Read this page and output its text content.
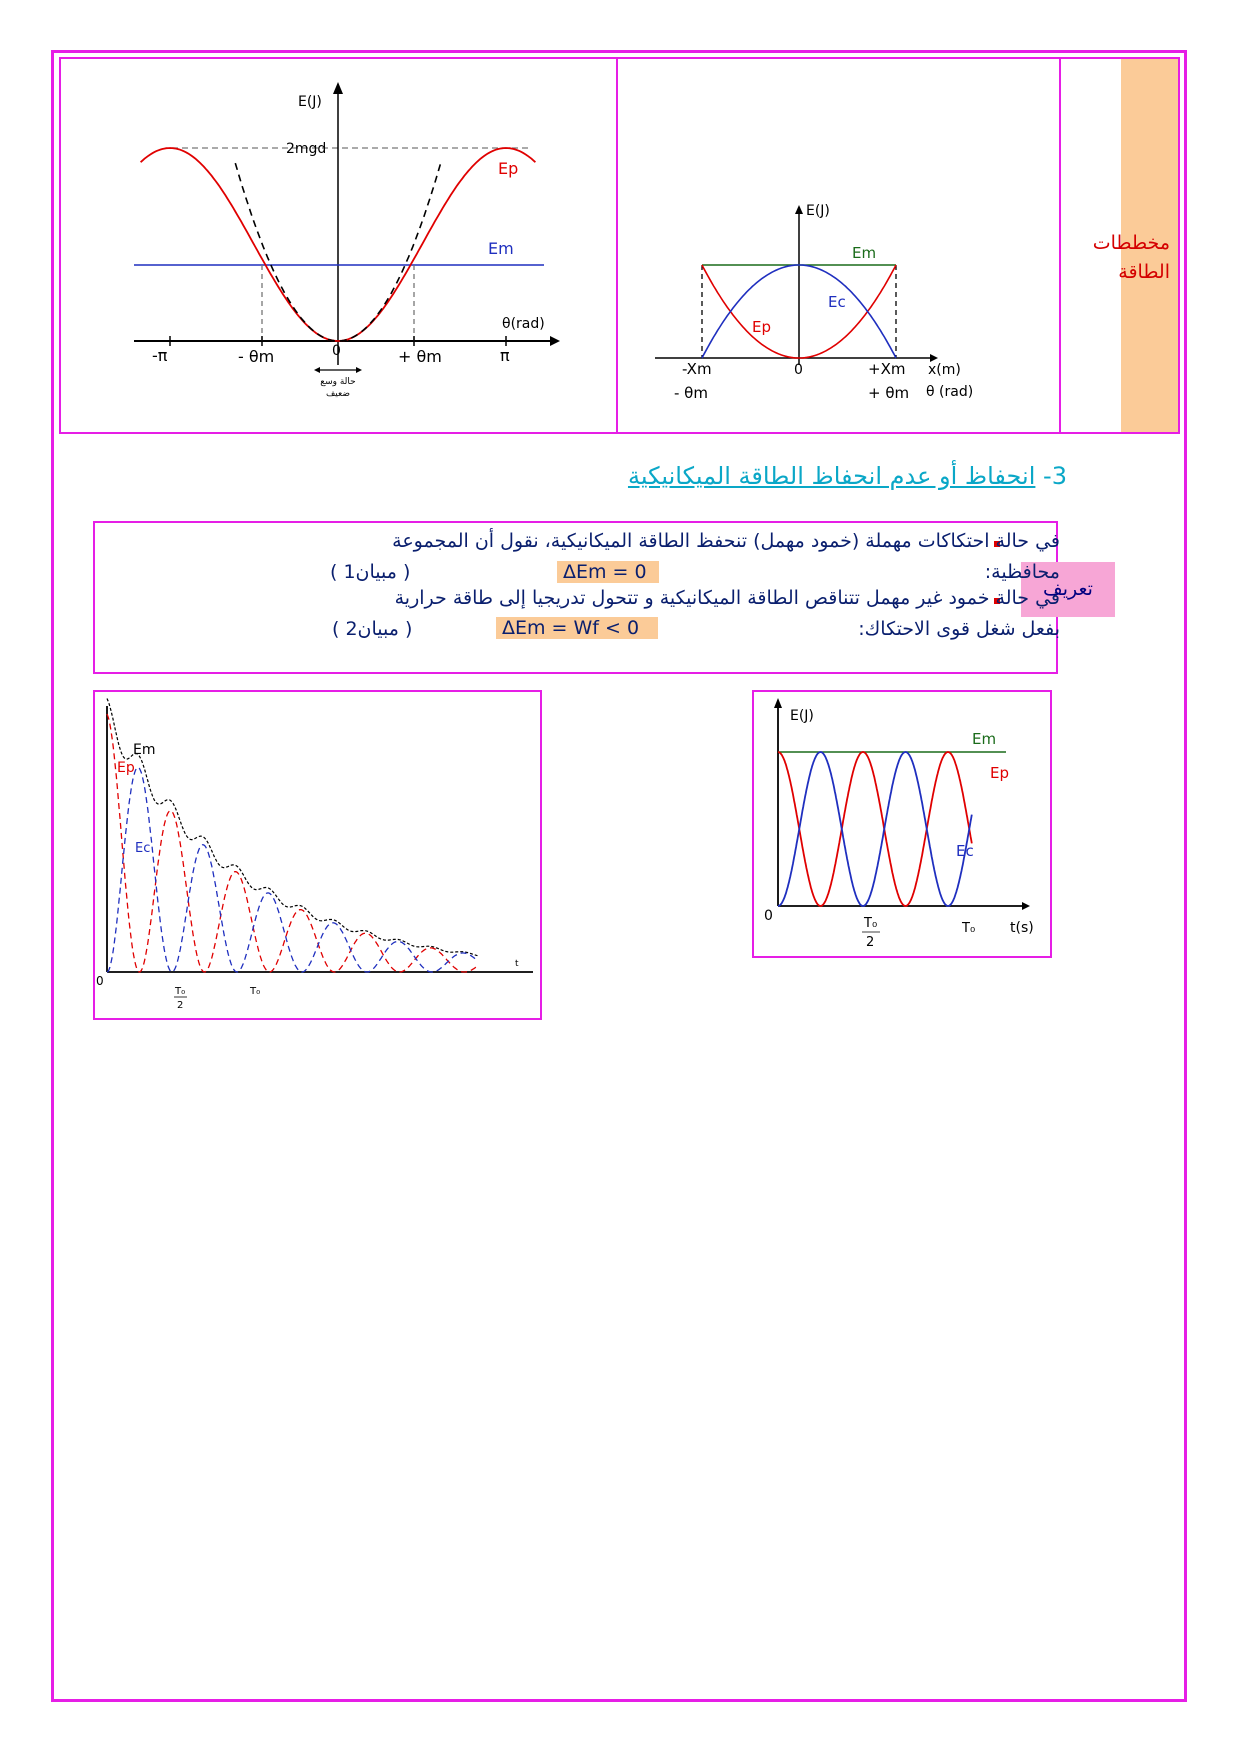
مخططات
الطاقة
E(J)
2mgd
Ep
Em
θ(rad)
-π	- θm	0	+ θm	π
حالة وسع
ضعيف
E(J)
Em
Ec
Ep
-Xm
- θm
0	+Xm
+ θm
x(m)
θ (rad)
3- انحفاظ أو عدم انحفاظ الطاقة الميكانيكية
تعريف
في حالة احتكاكات مهملة (خمود مهمل) تنحفظ الطاقة الميكانيكية، نقول أن المجموعة
محافظية:
ΔEm = 0
( مبيان1 )
في حالة خمود غير مهمل تتناقص الطاقة الميكانيكية و تتحول تدريجيا إلى طاقة حرارية
بفعل شغل قوى الاحتكاك:
ΔEm = Wf < 0
( مبيان2 )
Em
Ep
Ec
0
T₀
2
T₀
t
E(J)
Em
Ep
Ec
0	T₀
2
T₀ t(s)
